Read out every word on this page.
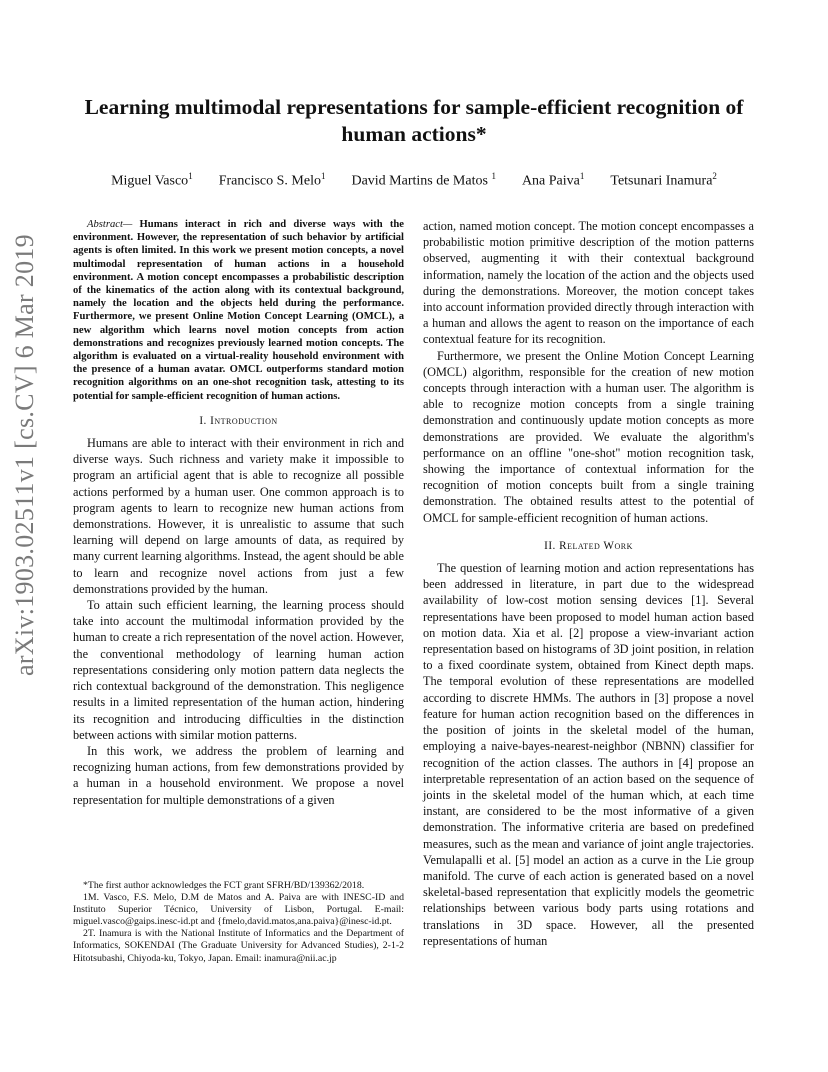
Learning multimodal representations for sample-efficient recognition of human actions*
Miguel Vasco$^1$ Francisco S. Melo$^1$ David Martins de Matos $^1$ Ana Paiva$^1$ Tetsunari Inamura$^2$
arXiv:1903.02511v1 [cs.CV] 6 Mar 2019

Abstract— Humans interact in rich and diverse ways with the environment. However, the representation of such behavior by artificial agents is often limited. In this work we present motion concepts, a novel multimodal representation of human actions in a household environment. A motion concept encompasses a probabilistic description of the kinematics of the action along with its contextual background, namely the location and the objects held during the performance. Furthermore, we present Online Motion Concept Learning (OMCL), a new algorithm which learns novel motion concepts from action demonstrations and recognizes previously learned motion concepts. The algorithm is evaluated on a virtual-reality household environment with the presence of a human avatar. OMCL outperforms standard motion recognition algorithms on an one-shot recognition task, attesting to its potential for sample-efficient recognition of human actions.

I. Introduction

Humans are able to interact with their environment in rich and diverse ways. Such richness and variety make it impossible to program an artificial agent that is able to recognize all possible actions performed by a human user. One common approach is to program agents to learn to recognize new human actions from demonstrations. However, it is unrealistic to assume that such learning will depend on large amounts of data, as required by many current learning algorithms. Instead, the agent should be able to learn and recognize novel actions from just a few demonstrations provided by the human.

To attain such efficient learning, the learning process should take into account the multimodal information provided by the human to create a rich representation of the novel action. However, the conventional methodology of learning human action representations considering only motion pattern data neglects the rich contextual background of the demonstration. This negligence results in a limited representation of the human action, hindering its recognition and introducing difficulties in the distinction between actions with similar motion patterns.

In this work, we address the problem of learning and recognizing human actions, from few demonstrations provided by a human in a household environment. We propose a novel representation for multiple demonstrations of a given

*The first author acknowledges the FCT grant SFRH/BD/139362/2018.

1M. Vasco, F.S. Melo, D.M de Matos and A. Paiva are with INESC-ID and Instituto Superior Técnico, University of Lisbon, Portugal. E-mail: miguel.vasco@gaips.inesc-id.pt and {fmelo,david.matos,ana.paiva}@inesc-id.pt.

2T. Inamura is with the National Institute of Informatics and the Department of Informatics, SOKENDAI (The Graduate University for Advanced Studies), 2-1-2 Hitotsubashi, Chiyoda-ku, Tokyo, Japan. Email: inamura@nii.ac.jp

action, named motion concept. The motion concept encompasses a probabilistic motion primitive description of the motion patterns observed, augmenting it with their contextual background information, namely the location of the action and the objects used during the demonstrations. Moreover, the motion concept takes into account information provided directly through interaction with a human and allows the agent to reason on the importance of each contextual feature for its recognition.

Furthermore, we present the Online Motion Concept Learning (OMCL) algorithm, responsible for the creation of new motion concepts through interaction with a human user. The algorithm is able to recognize motion concepts from a single training demonstration and continuously update motion concepts as more demonstrations are provided. We evaluate the algorithm's performance on an offline "one-shot" motion recognition task, showing the importance of contextual information for the recognition of motion concepts built from a single training demonstration. The obtained results attest to the potential of OMCL for sample-efficient recognition of human actions.

II. Related Work

The question of learning motion and action representations has been addressed in literature, in part due to the widespread availability of low-cost motion sensing devices [1]. Several representations have been proposed to model human action based on motion data. Xia et al. [2] propose a view-invariant action representation based on histograms of 3D joint position, in relation to a fixed coordinate system, obtained from Kinect depth maps. The temporal evolution of these representations are modelled according to discrete HMMs. The authors in [3] propose a novel feature for human action recognition based on the differences in the position of joints in the skeletal model of the human, employing a naive-bayes-nearest-neighbor (NBNN) classifier for recognition of the action classes. The authors in [4] propose an interpretable representation of an action based on the sequence of joints in the skeletal model of the human which, at each time instant, are considered to be the most informative of a given demonstration. The informative criteria are based on predefined measures, such as the mean and variance of joint angle trajectories. Vemulapalli et al. [5] model an action as a curve in the Lie group manifold. The curve of each action is generated based on a novel skeletal-based representation that explicitly models the geometric relationships between various body parts using rotations and translations in 3D space. However, all the presented representations of human
